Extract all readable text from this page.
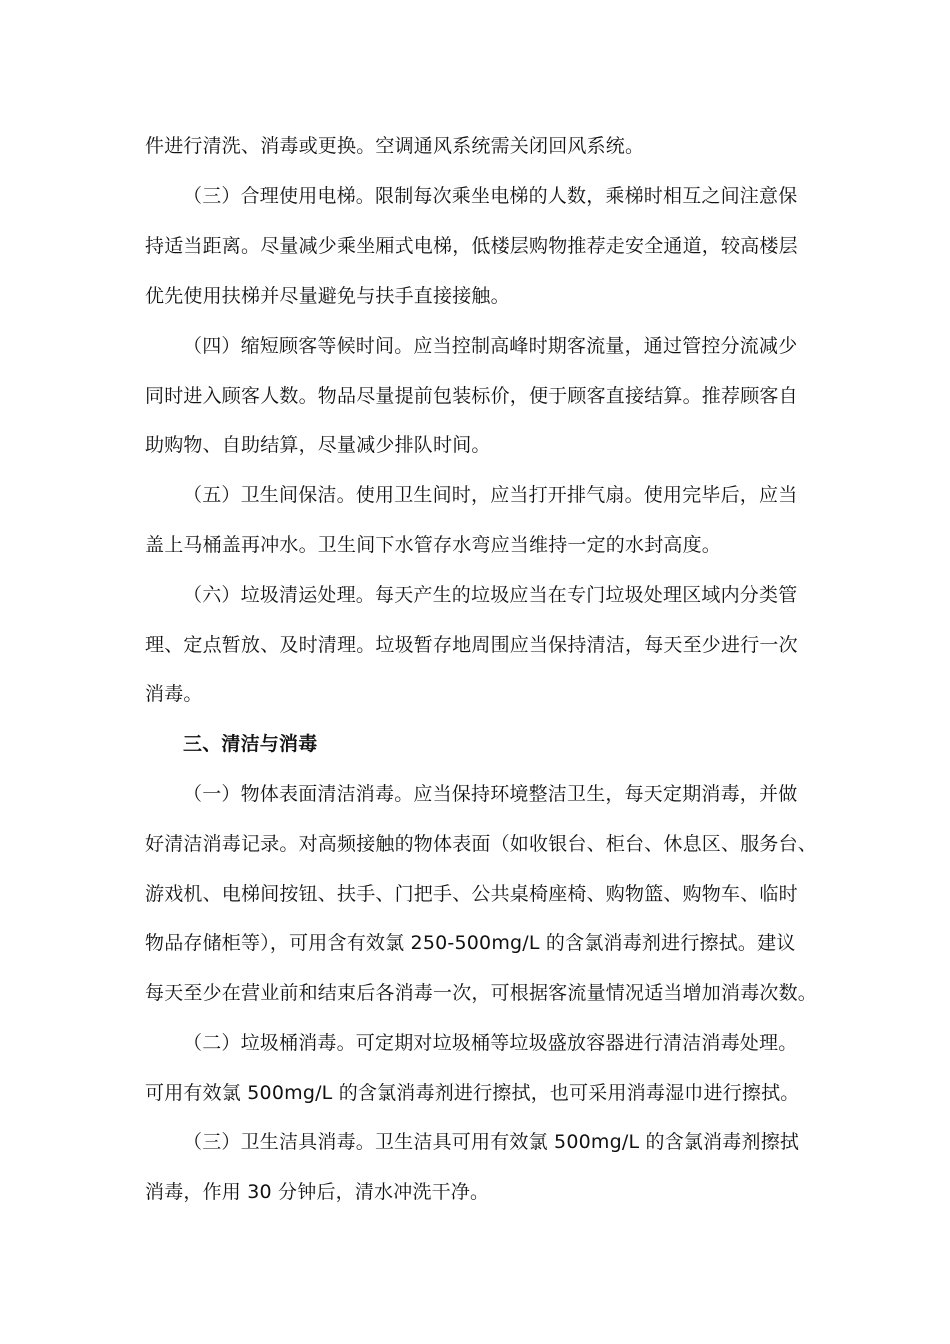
件进行清洗、消毒或更换。空调通风系统需关闭回风系统。
（三）合理使用电梯。限制每次乘坐电梯的人数，乘梯时相互之间注意保
持适当距离。尽量减少乘坐厢式电梯，低楼层购物推荐走安全通道，较高楼层
优先使用扶梯并尽量避免与扶手直接接触。
（四）缩短顾客等候时间。应当控制高峰时期客流量，通过管控分流减少
同时进入顾客人数。物品尽量提前包装标价，便于顾客直接结算。推荐顾客自
助购物、自助结算，尽量减少排队时间。
（五）卫生间保洁。使用卫生间时，应当打开排气扇。使用完毕后，应当
盖上马桶盖再冲水。卫生间下水管存水弯应当维持一定的水封高度。
（六）垃圾清运处理。每天产生的垃圾应当在专门垃圾处理区域内分类管
理、定点暂放、及时清理。垃圾暂存地周围应当保持清洁，每天至少进行一次
消毒。
三、清洁与消毒
（一）物体表面清洁消毒。应当保持环境整洁卫生，每天定期消毒，并做
好清洁消毒记录。对高频接触的物体表面（如收银台、柜台、休息区、服务台、
游戏机、电梯间按钮、扶手、门把手、公共桌椅座椅、购物篮、购物车、临时
物品存储柜等），可用含有效氯 250-500mg/L 的含氯消毒剂进行擦拭。建议
每天至少在营业前和结束后各消毒一次，可根据客流量情况适当增加消毒次数。
（二）垃圾桶消毒。可定期对垃圾桶等垃圾盛放容器进行清洁消毒处理。
可用有效氯 500mg/L 的含氯消毒剂进行擦拭，也可采用消毒湿巾进行擦拭。
（三）卫生洁具消毒。卫生洁具可用有效氯 500mg/L 的含氯消毒剂擦拭
消毒，作用 30 分钟后，清水冲洗干净。
